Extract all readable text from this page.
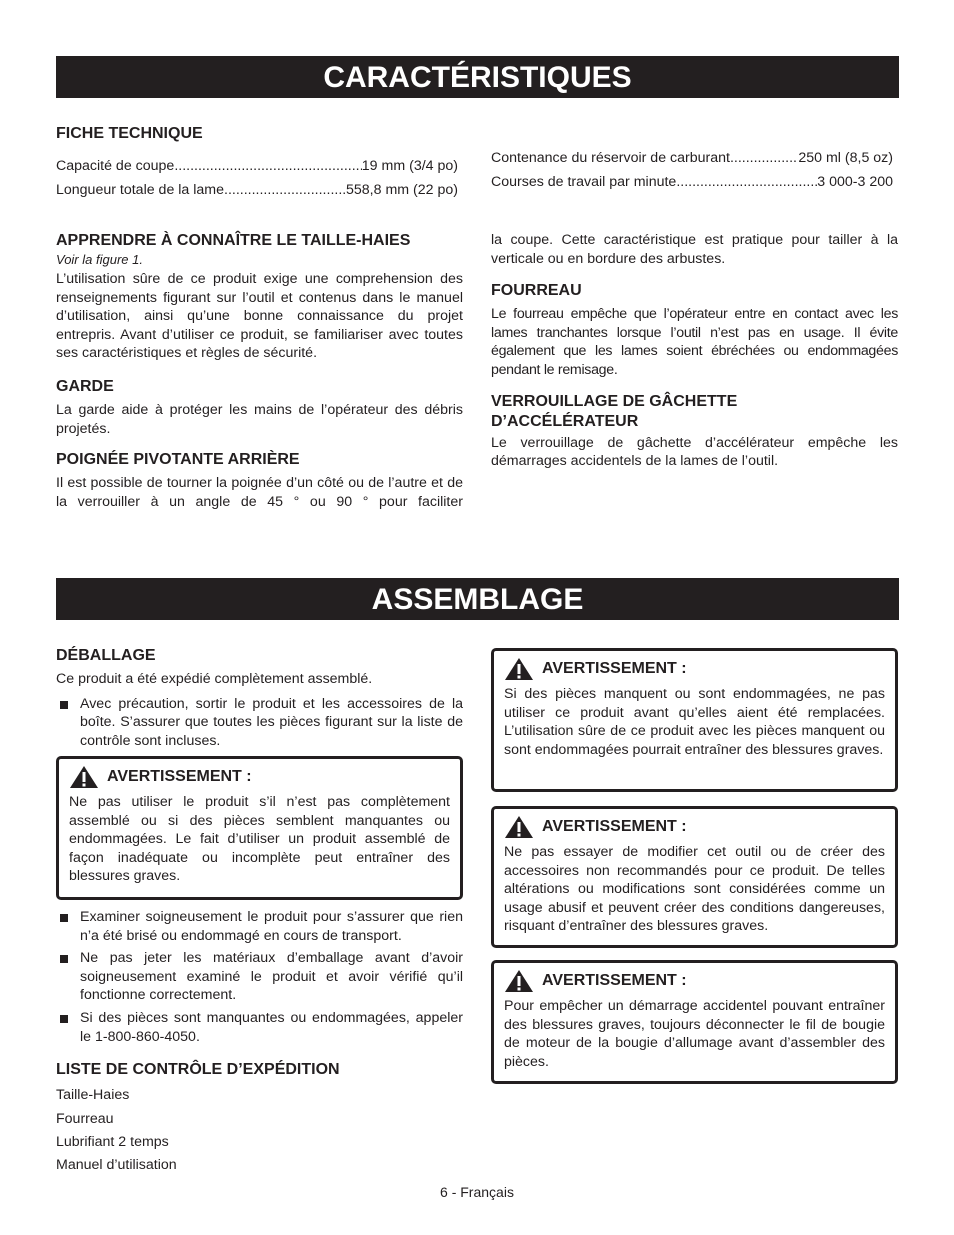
CARACTÉRISTIQUES
ASSEMBLAGE
FICHE TECHNIQUE
Capacité de coupe .....	19 mm (3/4 po)
Longueur totale de la lame .....	558,8 mm (22 po)
Contenance du réservoir de carburant .....	250 ml (8,5 oz)
Courses de travail par minute .....	3 000-3 200
APPRENDRE À CONNAÎTRE LE TAILLE-HAIES

Voir la figure 1.

L’utilisation sûre de ce produit exige une comprehension des renseignements figurant sur l’outil et contenus dans le manuel d’utilisation, ainsi qu’une bonne connaissance du projet entrepris. Avant d’utiliser ce produit, se familiariser avec toutes ses caractéristiques et règles de sécurité.

GARDE

La garde aide à protéger les mains de l’opérateur des débris projetés.

POIGNÉE PIVOTANTE ARRIÈRE

Il est possible de tourner la poignée d’un côté ou de l’autre et de la verrouiller à un angle de 45 ° ou 90 ° pour faciliter

la coupe. Cette caractéristique est pratique pour tailler à la verticale ou en bordure des arbustes.

FOURREAU

Le fourreau empêche que l’opérateur entre en contact avec les lames tranchantes lorsque l’outil n’est pas en usage. Il évite également que les lames soient ébréchées ou endommagées pendant le remisage.

VERROUILLAGE DE GÂCHETTE
D’ACCÉLÉRATEUR

Le verrouillage de gâchette d’accélérateur empêche les démarrages accidentels de la lames de l’outil.

DÉBALLAGE

Ce produit a été expédié complètement assemblé.

Avec précaution, sortir le produit et les accessoires de la boîte. S’assurer que toutes les pièces figurant sur la liste de contrôle sont incluses.

AVERTISSEMENT :

Ne pas utiliser le produit s’il n’est pas complètement assemblé ou si des pièces semblent manquantes ou endommagées. Le fait d’utiliser un produit assemblé de façon inadéquate ou incomplète peut entraîner des blessures graves.

Examiner soigneusement le produit pour s’assurer que rien n’a été brisé ou endommagé en cours de transport.

Ne pas jeter les matériaux d’emballage avant d’avoir soigneusement examiné le produit et avoir vérifié qu’il fonctionne correctement.

Si des pièces sont manquantes ou endommagées, appeler le 1-800-860-4050.

LISTE DE CONTRÔLE D’EXPÉDITION
Taille-Haies
Fourreau
Lubrifiant 2 temps
Manuel d’utilisation
AVERTISSEMENT :

Si des pièces manquent ou sont endommagées, ne pas utiliser ce produit avant qu’elles aient été remplacées. L’utilisation sûre de ce produit avec les pièces manquent ou sont endommagées pourrait entraîner des blessures graves.

AVERTISSEMENT :

Ne pas essayer de modifier cet outil ou de créer des accessoires non recommandés pour ce produit. De telles altérations ou modifications sont considérées comme un usage abusif et peuvent créer des conditions dangereuses, risquant d’entraîner des blessures graves.

AVERTISSEMENT :

Pour empêcher un démarrage accidentel pouvant entraîner des blessures graves, toujours déconnecter le fil de bougie de moteur de la bougie d’allumage avant d’assembler des pièces.

6 - Français
